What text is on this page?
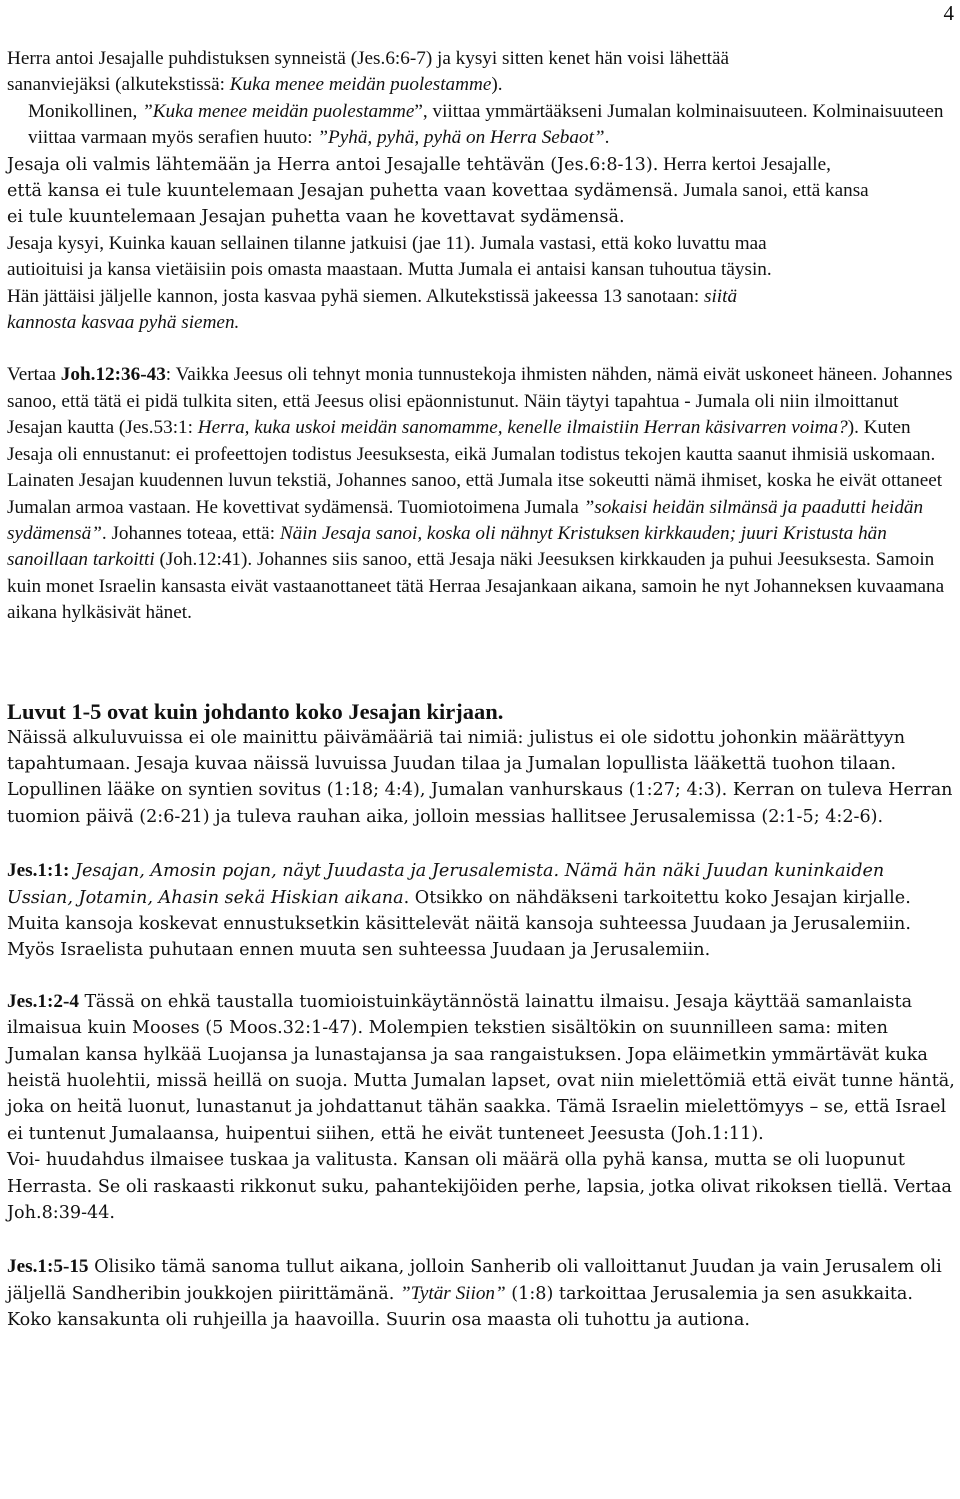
4

Herra antoi Jesajalle puhdistuksen synneistä (Jes.6:6-7) ja kysyi sitten kenet hän voisi lähettää
sananviejäksi (alkutekstissä: Kuka menee meidän puolestamme).

Monikollinen, ”Kuka menee meidän puolestamme”, viittaa ymmärtääkseni Jumalan kolminaisuuteen. Kolminaisuuteen viittaa varmaan myös serafien huuto: ”Pyhä, pyhä, pyhä on Herra Sebaot”.

Jesaja oli valmis lähtemään ja Herra antoi Jesajalle tehtävän (Jes.6:8-13). Herra kertoi Jesajalle,
että kansa ei tule kuuntelemaan Jesajan puhetta vaan kovettaa sydämensä. Jumala sanoi, että kansa
ei tule kuuntelemaan Jesajan puhetta vaan he kovettavat sydämensä.
Jesaja kysyi, Kuinka kauan sellainen tilanne jatkuisi (jae 11). Jumala vastasi, että koko luvattu maa
autioituisi ja kansa vietäisiin pois omasta maastaan. Mutta Jumala ei antaisi kansan tuhoutua täysin.
Hän jättäisi jäljelle kannon, josta kasvaa pyhä siemen. Alkutekstissä jakeessa 13 sanotaan: siitä
kannosta kasvaa pyhä siemen.

Vertaa Joh.12:36-43: Vaikka Jeesus oli tehnyt monia tunnustekoja ihmisten nähden, nämä eivät uskoneet häneen. Johannes sanoo, että tätä ei pidä tulkita siten, että Jeesus olisi epäonnistunut. Näin täytyi tapahtua - Jumala oli niin ilmoittanut Jesajan kautta (Jes.53:1: Herra, kuka uskoi meidän sanomamme, kenelle ilmaistiin Herran käsivarren voima?). Kuten Jesaja oli ennustanut: ei profeettojen todistus Jeesuksesta, eikä Jumalan todistus tekojen kautta saanut ihmisiä uskomaan. Lainaten Jesajan kuudennen luvun tekstiä, Johannes sanoo, että Jumala itse sokeutti nämä ihmiset, koska he eivät ottaneet Jumalan armoa vastaan. He kovettivat sydämensä. Tuomiotoimena Jumala ”sokaisi heidän silmänsä ja paadutti heidän sydämensä”. Johannes toteaa, että: Näin Jesaja sanoi, koska oli nähnyt Kristuksen kirkkauden; juuri Kristusta hän sanoillaan tarkoitti (Joh.12:41). Johannes siis sanoo, että Jesaja näki Jeesuksen kirkkauden ja puhui Jeesuksesta. Samoin kuin monet Israelin kansasta eivät vastaanottaneet tätä Herraa Jesajankaan aikana, samoin he nyt Johanneksen kuvaamana aikana hylkäsivät hänet.

Luvut 1-5 ovat kuin johdanto koko Jesajan kirjaan.

Näissä alkuluvuissa ei ole mainittu päivämääriä tai nimiä: julistus ei ole sidottu johonkin määrättyyn tapahtumaan. Jesaja kuvaa näissä luvuissa Juudan tilaa ja Jumalan lopullista lääkettä tuohon tilaan. Lopullinen lääke on syntien sovitus (1:18; 4:4), Jumalan vanhurskaus (1:27; 4:3). Kerran on tuleva Herran tuomion päivä (2:6-21) ja tuleva rauhan aika, jolloin messias hallitsee Jerusalemissa (2:1-5; 4:2-6).

Jes.1:1: Jesajan, Amosin pojan, näyt Juudasta ja Jerusalemista. Nämä hän näki Juudan kuninkaiden Ussian, Jotamin, Ahasin sekä Hiskian aikana. Otsikko on nähdäkseni tarkoitettu koko Jesajan kirjalle. Muita kansoja koskevat ennustuksetkin käsittelevät näitä kansoja suhteessa Juudaan ja Jerusalemiin. Myös Israelista puhutaan ennen muuta sen suhteessa Juudaan ja Jerusalemiin.

Jes.1:2-4 Tässä on ehkä taustalla tuomioistuinkäytännöstä lainattu ilmaisu. Jesaja käyttää samanlaista ilmaisua kuin Mooses (5 Moos.32:1-47). Molempien tekstien sisältökin on suunnilleen sama: miten Jumalan kansa hylkää Luojansa ja lunastajansa ja saa rangaistuksen. Jopa eläimetkin ymmärtävät kuka heistä huolehtii, missä heillä on suoja. Mutta Jumalan lapset, ovat niin mielettömiä että eivät tunne häntä, joka on heitä luonut, lunastanut ja johdattanut tähän saakka. Tämä Israelin mielettömyys – se, että Israel ei tuntenut Jumalaansa, huipentui siihen, että he eivät tunteneet Jeesusta (Joh.1:11).
Voi- huudahdus ilmaisee tuskaa ja valitusta. Kansan oli määrä olla pyhä kansa, mutta se oli luopunut Herrasta. Se oli raskaasti rikkonut suku, pahantekijöiden perhe, lapsia, jotka olivat rikoksen tiellä. Vertaa Joh.8:39-44.

Jes.1:5-15 Olisiko tämä sanoma tullut aikana, jolloin Sanherib oli valloittanut Juudan ja vain Jerusalem oli jäljellä Sandheribin joukkojen piirittämänä. ”Tytär Siion” (1:8) tarkoittaa Jerusalemia ja sen asukkaita. Koko kansakunta oli ruhjeilla ja haavoilla. Suurin osa maasta oli tuhottu ja autiona.
